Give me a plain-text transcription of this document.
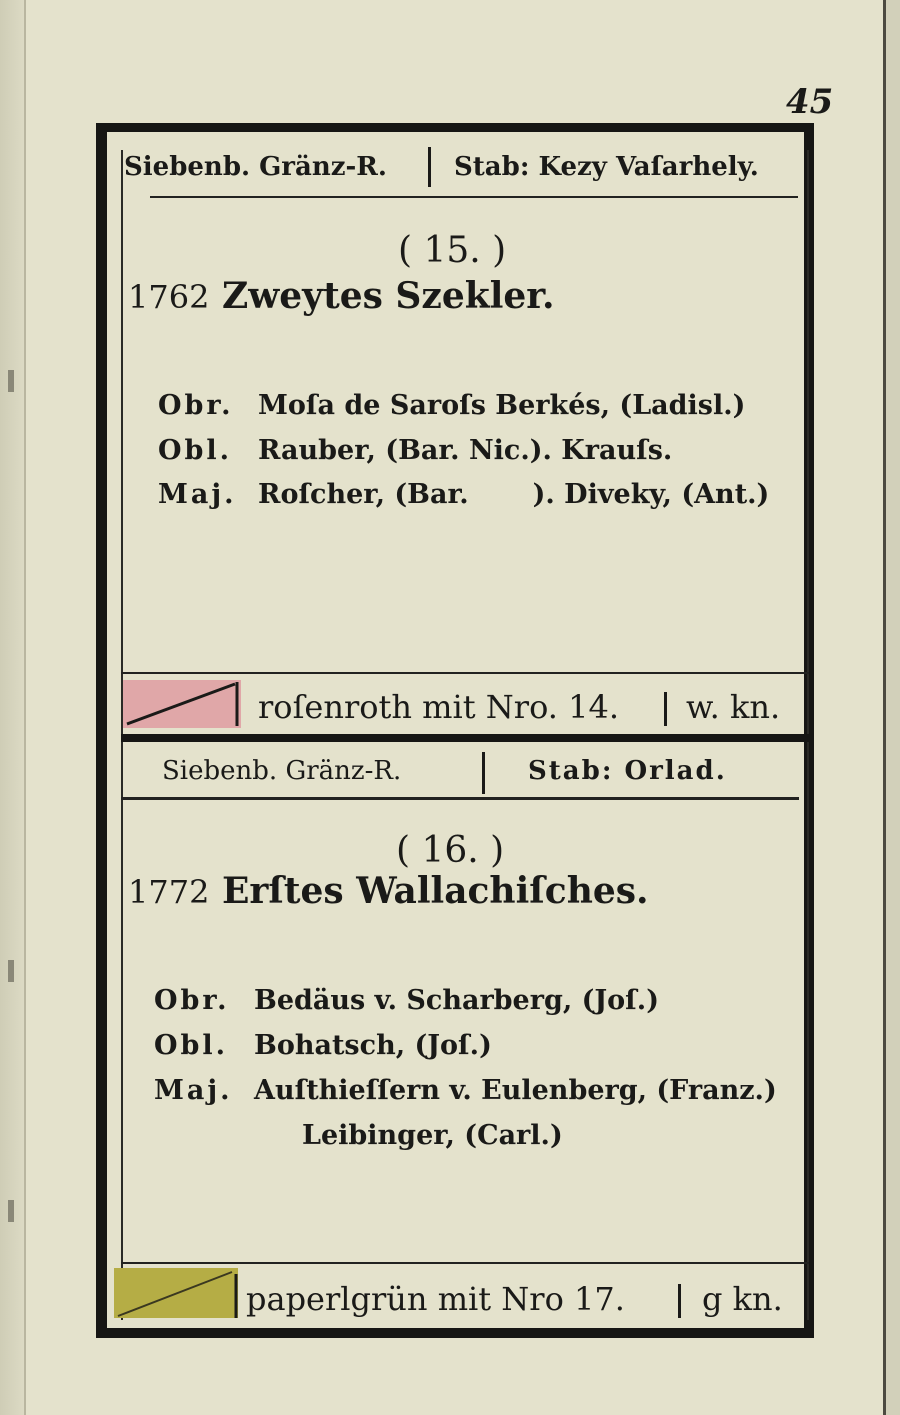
45
Siebenb. Gränz-R.	Stab: Kezy Vaſarhely.
( 15. )
1762 Zweytes Szekler.
Obr. Moſa de Saroſs Berkés, (Ladisl.)
Obl. Rauber, (Bar. Nic.). Krauſs.
Maj. Roſcher, (Bar. ). Diveky, (Ant.)
roſenroth mit Nro. 14. w. kn.
Siebenb. Gränz-R.	Stab: Orlad.
( 16. )
1772 Erſtes Wallachiſches.
Obr. Bedäus v. Scharberg, (Joſ.)
Obl. Bohatsch, (Joſ.)
Maj. Auſthieſſern v. Eulenberg, (Franz.)
Leibinger, (Carl.)
paperlgrün mit Nro 17. g kn.
